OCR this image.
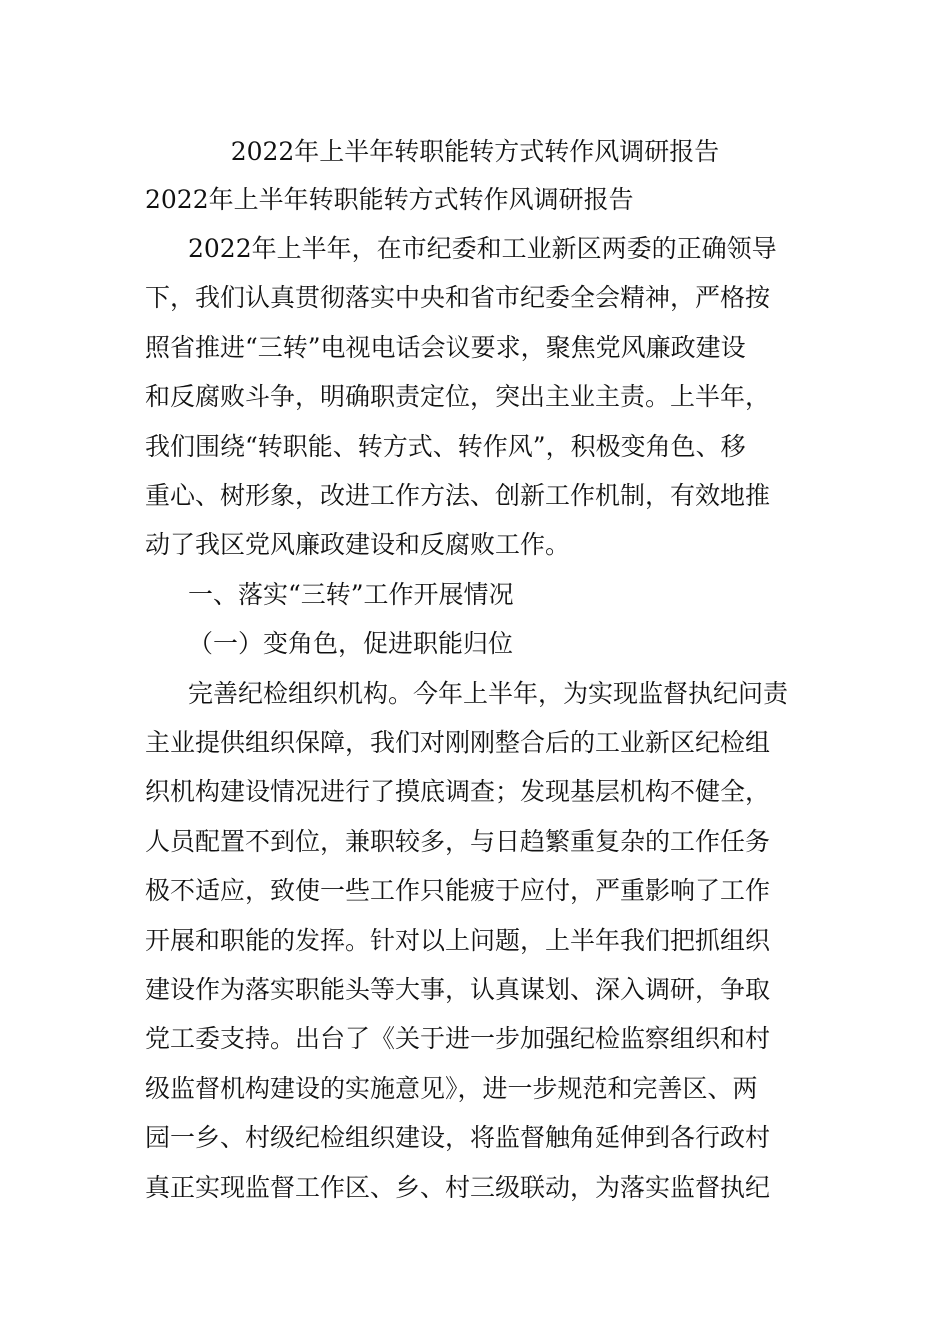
2022年上半年转职能转方式转作风调研报告

2022年上半年转职能转方式转作风调研报告

2022年上半年，在市纪委和工业新区两委的正确领导

下，我们认真贯彻落实中央和省市纪委全会精神，严格按

照省推进“三转”电视电话会议要求，聚焦党风廉政建设

和反腐败斗争，明确职责定位，突出主业主责。上半年，

我们围绕“转职能、转方式、转作风”，积极变角色、移

重心、树形象，改进工作方法、创新工作机制，有效地推

动了我区党风廉政建设和反腐败工作。

一、落实“三转”工作开展情况

（一）变角色，促进职能归位

完善纪检组织机构。今年上半年，为实现监督执纪问责

主业提供组织保障，我们对刚刚整合后的工业新区纪检组

织机构建设情况进行了摸底调查；发现基层机构不健全，

人员配置不到位，兼职较多，与日趋繁重复杂的工作任务

极不适应，致使一些工作只能疲于应付，严重影响了工作

开展和职能的发挥。针对以上问题，上半年我们把抓组织

建设作为落实职能头等大事，认真谋划、深入调研，争取

党工委支持。出台了《关于进一步加强纪检监察组织和村

级监督机构建设的实施意见》，进一步规范和完善区、两

园一乡、村级纪检组织建设，将监督触角延伸到各行政村

真正实现监督工作区、乡、村三级联动，为落实监督执纪
